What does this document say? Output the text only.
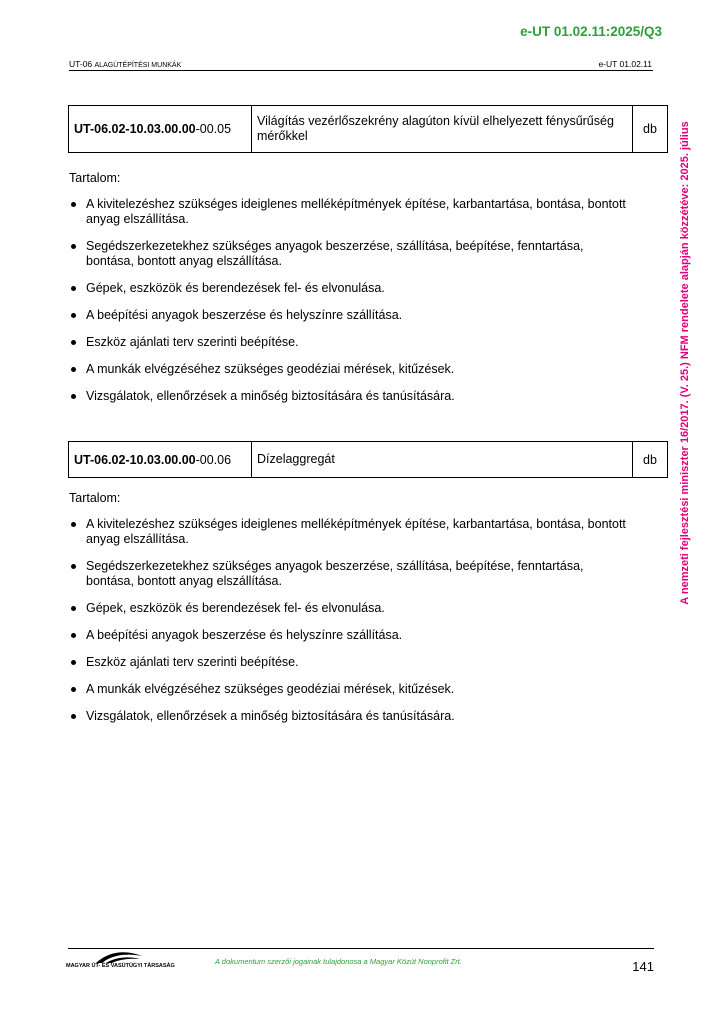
e-UT 01.02.11:2025/Q3
UT-06 ALAGÚTÉPÍTÉSI MUNKÁK	e-UT 01.02.11
A nemzeti fejlesztési miniszter 16/2017. (V. 25.) NFM rendelete alapján közzétéve: 2025. július
UT-06.02-10.03.00.00-00.05	Világítás vezérlőszekrény alagúton kívül elhelyezett fénysűrűség mérőkkel	db
Tartalom:
A kivitelezéshez szükséges ideiglenes melléképítmények építése, karbantartása, bontása, bontott anyag elszállítása.
Segédszerkezetekhez szükséges anyagok beszerzése, szállítása, beépítése, fenntartása, bontása, bontott anyag elszállítása.
Gépek, eszközök és berendezések fel- és elvonulása.
A beépítési anyagok beszerzése és helyszínre szállítása.
Eszköz ajánlati terv szerinti beépítése.
A munkák elvégzéséhez szükséges geodéziai mérések, kitűzések.
Vizsgálatok, ellenőrzések a minőség biztosítására és tanúsítására.
UT-06.02-10.03.00.00-00.06	Dízelaggregát	db
Tartalom:
A kivitelezéshez szükséges ideiglenes melléképítmények építése, karbantartása, bontása, bontott anyag elszállítása.
Segédszerkezetekhez szükséges anyagok beszerzése, szállítása, beépítése, fenntartása, bontása, bontott anyag elszállítása.
Gépek, eszközök és berendezések fel- és elvonulása.
A beépítési anyagok beszerzése és helyszínre szállítása.
Eszköz ajánlati terv szerinti beépítése.
A munkák elvégzéséhez szükséges geodéziai mérések, kitűzések.
Vizsgálatok, ellenőrzések a minőség biztosítására és tanúsítására.
MAGYAR ÚT- ÉS VASÚTÜGYI TÁRSASÁG	A dokumentum szerzői jogainak tulajdonosa a Magyar Közút Nonprofit Zrt.	141
